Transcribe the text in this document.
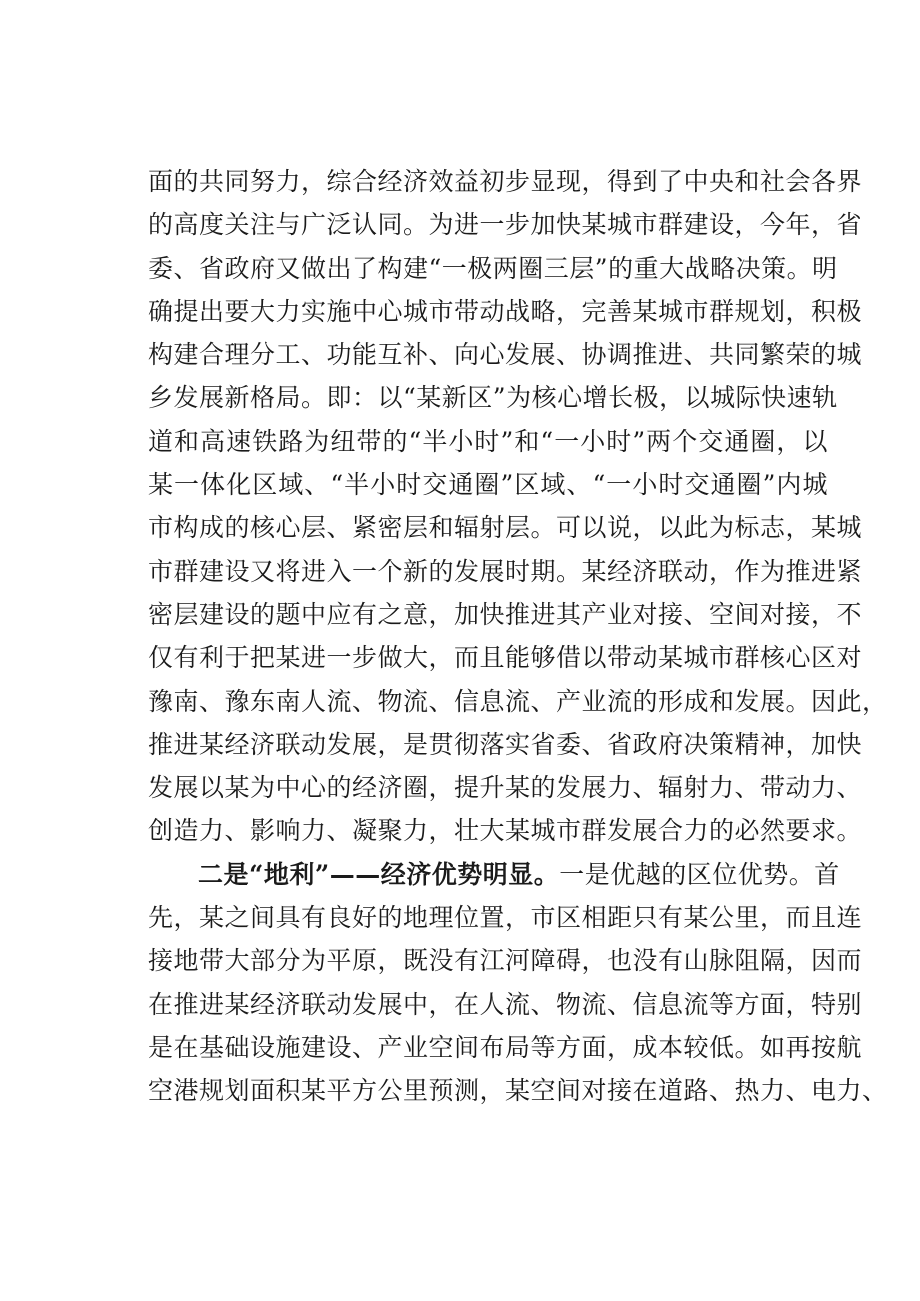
面的共同努力，综合经济效益初步显现，得到了中央和社会各界
的高度关注与广泛认同。为进一步加快某城市群建设，今年，省
委、省政府又做出了构建“一极两圈三层”的重大战略决策。明
确提出要大力实施中心城市带动战略，完善某城市群规划，积极
构建合理分工、功能互补、向心发展、协调推进、共同繁荣的城
乡发展新格局。即：以“某新区”为核心增长极，以城际快速轨
道和高速铁路为纽带的“半小时”和“一小时”两个交通圈，以
某一体化区域、“半小时交通圈”区域、“一小时交通圈”内城
市构成的核心层、紧密层和辐射层。可以说，以此为标志，某城
市群建设又将进入一个新的发展时期。某经济联动，作为推进紧
密层建设的题中应有之意，加快推进其产业对接、空间对接，不
仅有利于把某进一步做大，而且能够借以带动某城市群核心区对
豫南、豫东南人流、物流、信息流、产业流的形成和发展。因此，
推进某经济联动发展，是贯彻落实省委、省政府决策精神，加快
发展以某为中心的经济圈，提升某的发展力、辐射力、带动力、
创造力、影响力、凝聚力，壮大某城市群发展合力的必然要求。
二是“地利”——经济优势明显。一是优越的区位优势。首
先，某之间具有良好的地理位置，市区相距只有某公里，而且连
接地带大部分为平原，既没有江河障碍，也没有山脉阻隔，因而
在推进某经济联动发展中，在人流、物流、信息流等方面，特别
是在基础设施建设、产业空间布局等方面，成本较低。如再按航
空港规划面积某平方公里预测，某空间对接在道路、热力、电力、
